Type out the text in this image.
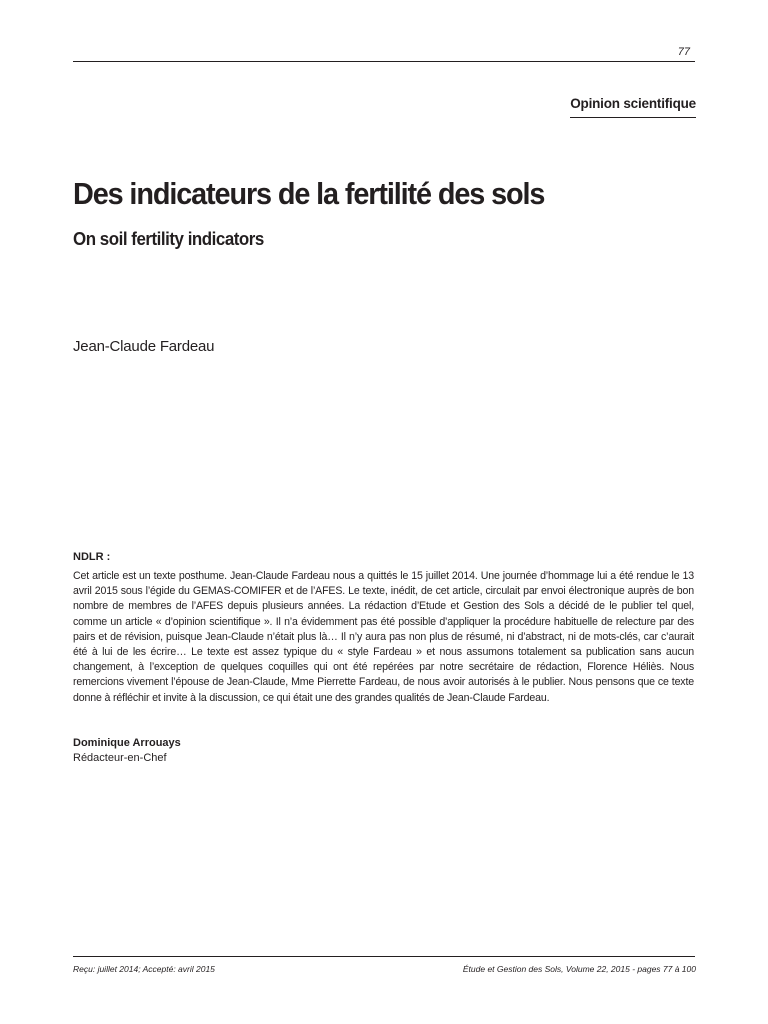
77
Opinion scientifique
Des indicateurs de la fertilité des sols
On soil fertility indicators
Jean-Claude Fardeau
NDLR :

Cet article est un texte posthume. Jean-Claude Fardeau nous a quittés le 15 juillet 2014. Une journée d’hommage lui a été rendue le 13 avril 2015 sous l’égide du GEMAS-COMIFER et de l’AFES. Le texte, inédit, de cet article, circulait par envoi électronique auprès de bon nombre de membres de l’AFES depuis plusieurs années. La rédaction d’Etude et Gestion des Sols a décidé de le publier tel quel, comme un article « d’opinion scientifique ». Il n’a évidemment pas été possible d’appliquer la procédure habituelle de relecture par des pairs et de révision, puisque Jean-Claude n’était plus là… Il n’y aura pas non plus de résumé, ni d’abstract, ni de mots-clés, car c’aurait été à lui de les écrire… Le texte est assez typique du « style Fardeau » et nous assumons totalement sa publication sans aucun changement, à l’exception de quelques coquilles qui ont été repérées par notre secrétaire de rédaction, Florence Héliès. Nous remercions vivement l’épouse de Jean-Claude, Mme Pierrette Fardeau, de nous avoir autorisés à le publier. Nous pensons que ce texte donne à réfléchir et invite à la discussion, ce qui était une des grandes qualités de Jean-Claude Fardeau.

Dominique Arrouays
Rédacteur-en-Chef
Reçu: juillet 2014; Accepté: avril 2015	Étude et Gestion des Sols, Volume 22, 2015 - pages 77 à 100
